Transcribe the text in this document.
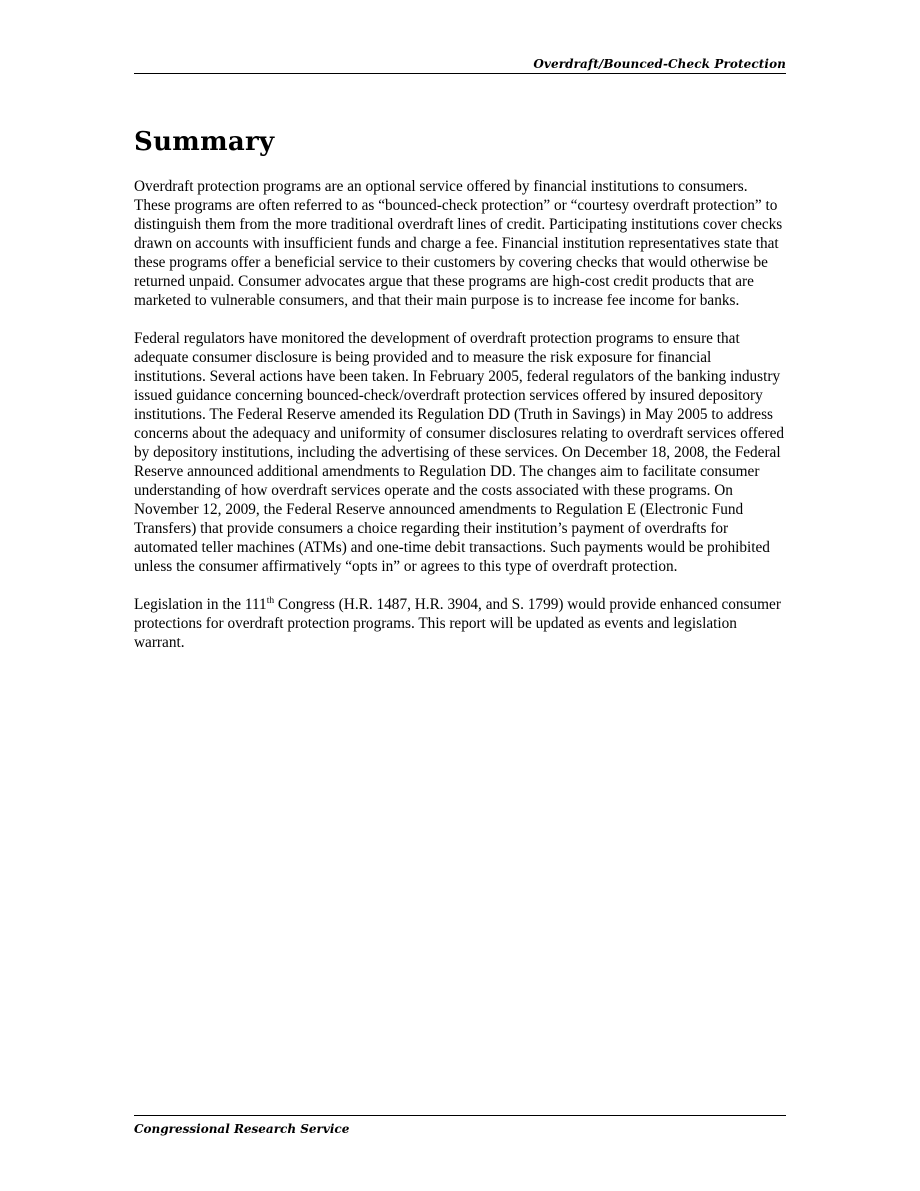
Overdraft/Bounced-Check Protection
Summary

Overdraft protection programs are an optional service offered by financial institutions to consumers. These programs are often referred to as “bounced-check protection” or “courtesy overdraft protection” to distinguish them from the more traditional overdraft lines of credit. Participating institutions cover checks drawn on accounts with insufficient funds and charge a fee. Financial institution representatives state that these programs offer a beneficial service to their customers by covering checks that would otherwise be returned unpaid. Consumer advocates argue that these programs are high-cost credit products that are marketed to vulnerable consumers, and that their main purpose is to increase fee income for banks.

Federal regulators have monitored the development of overdraft protection programs to ensure that adequate consumer disclosure is being provided and to measure the risk exposure for financial institutions. Several actions have been taken. In February 2005, federal regulators of the banking industry issued guidance concerning bounced-check/overdraft protection services offered by insured depository institutions. The Federal Reserve amended its Regulation DD (Truth in Savings) in May 2005 to address concerns about the adequacy and uniformity of consumer disclosures relating to overdraft services offered by depository institutions, including the advertising of these services. On December 18, 2008, the Federal Reserve announced additional amendments to Regulation DD. The changes aim to facilitate consumer understanding of how overdraft services operate and the costs associated with these programs. On November 12, 2009, the Federal Reserve announced amendments to Regulation E (Electronic Fund Transfers) that provide consumers a choice regarding their institution’s payment of overdrafts for automated teller machines (ATMs) and one-time debit transactions. Such payments would be prohibited unless the consumer affirmatively “opts in” or agrees to this type of overdraft protection.

Legislation in the 111th Congress (H.R. 1487, H.R. 3904, and S. 1799) would provide enhanced consumer protections for overdraft protection programs. This report will be updated as events and legislation warrant.

Congressional Research Service
